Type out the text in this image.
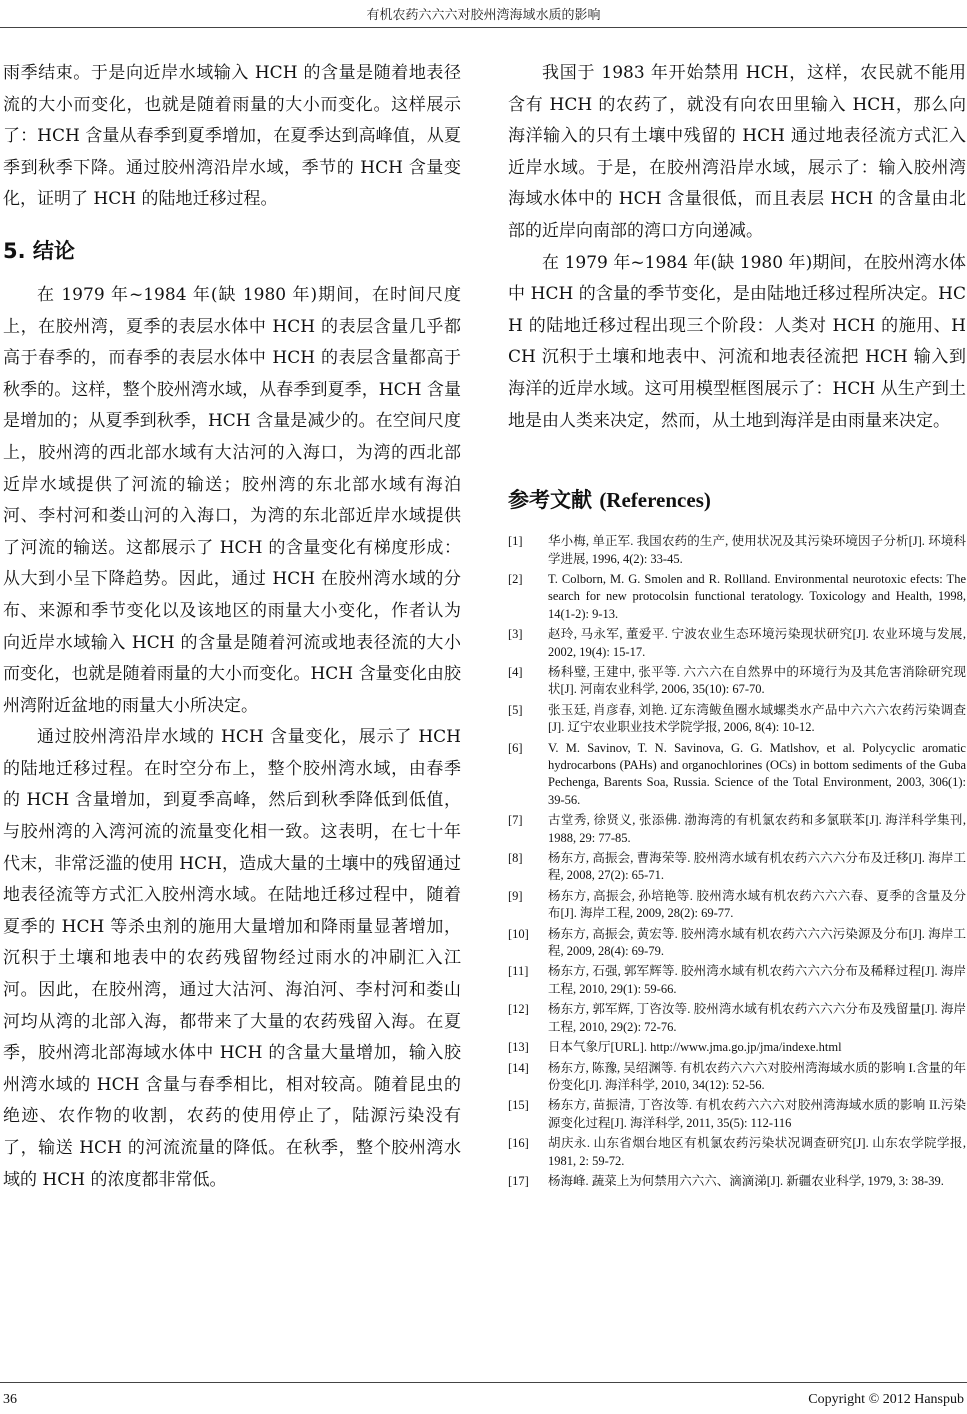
有机农药六六六对胶州湾海域水质的影响

雨季结束。于是向近岸水域输入 HCH 的含量是随着地表径流的大小而变化，也就是随着雨量的大小而变化。这样展示了：HCH 含量从春季到夏季增加，在夏季达到高峰值，从夏季到秋季下降。通过胶州湾沿岸水域，季节的 HCH 含量变化，证明了 HCH 的陆地迁移过程。

5. 结论

在 1979 年~1984 年(缺 1980 年)期间，在时间尺度上，在胶州湾，夏季的表层水体中 HCH 的表层含量几乎都高于春季的，而春季的表层水体中 HCH 的表层含量都高于秋季的。这样，整个胶州湾水域，从春季到夏季，HCH 含量是增加的；从夏季到秋季，HCH 含量是减少的。在空间尺度上，胶州湾的西北部水域有大沽河的入海口，为湾的西北部近岸水域提供了河流的输送；胶州湾的东北部水域有海泊河、李村河和娄山河的入海口，为湾的东北部近岸水域提供了河流的输送。这都展示了 HCH 的含量变化有梯度形成：从大到小呈下降趋势。因此，通过 HCH 在胶州湾水域的分布、来源和季节变化以及该地区的雨量大小变化，作者认为向近岸水域输入 HCH 的含量是随着河流或地表径流的大小而变化，也就是随着雨量的大小而变化。HCH 含量变化由胶州湾附近盆地的雨量大小所决定。

通过胶州湾沿岸水域的 HCH 含量变化，展示了 HCH 的陆地迁移过程。在时空分布上，整个胶州湾水域，由春季的 HCH 含量增加，到夏季高峰，然后到秋季降低到低值，与胶州湾的入湾河流的流量变化相一致。这表明，在七十年代末，非常泛滥的使用 HCH，造成大量的土壤中的残留通过地表径流等方式汇入胶州湾水域。在陆地迁移过程中，随着夏季的 HCH 等杀虫剂的施用大量增加和降雨量显著增加，沉积于土壤和地表中的农药残留物经过雨水的冲刷汇入江河。因此，在胶州湾，通过大沽河、海泊河、李村河和娄山河均从湾的北部入海，都带来了大量的农药残留入海。在夏季，胶州湾北部海域水体中 HCH 的含量大量增加，输入胶州湾水域的 HCH 含量与春季相比，相对较高。随着昆虫的绝迹、农作物的收割，农药的使用停止了，陆源污染没有了，输送 HCH 的河流流量的降低。在秋季，整个胶州湾水域的 HCH 的浓度都非常低。

我国于 1983 年开始禁用 HCH，这样，农民就不能用含有 HCH 的农药了，就没有向农田里输入 HCH，那么向海洋输入的只有土壤中残留的 HCH 通过地表径流方式汇入近岸水域。于是，在胶州湾沿岸水域，展示了：输入胶州湾海域水体中的 HCH 含量很低，而且表层 HCH 的含量由北部的近岸向南部的湾口方向递减。

在 1979 年~1984 年(缺 1980 年)期间，在胶州湾水体中 HCH 的含量的季节变化，是由陆地迁移过程所决定。HCH 的陆地迁移过程出现三个阶段：人类对 HCH 的施用、HCH 沉积于土壤和地表中、河流和地表径流把 HCH 输入到海洋的近岸水域。这可用模型框图展示了：HCH 从生产到土地是由人类来决定，然而，从土地到海洋是由雨量来决定。

参考文献 (References)
[1]	华小梅, 单正军. 我国农药的生产, 使用状况及其污染环境因子分析[J]. 环境科学进展, 1996, 4(2): 33-45.
[2]	T. Colborn, M. G. Smolen and R. Rollland. Environmental neurotoxic efects: The search for new protocolsin functional teratology. Toxicology and Health, 1998, 14(1-2): 9-13.
[3]	赵玲, 马永军, 董爱平. 宁波农业生态环境污染现状研究[J]. 农业环境与发展, 2002, 19(4): 15-17.
[4]	杨科璧, 王建中, 张平等. 六六六在自然界中的环境行为及其危害消除研究现状[J]. 河南农业科学, 2006, 35(10): 67-70.
[5]	张玉廷, 肖彦春, 刘艳. 辽东湾鲅鱼圈水域螺类水产品中六六六农药污染调查[J]. 辽宁农业职业技术学院学报, 2006, 8(4): 10-12.
[6]	V. M. Savinov, T. N. Savinova, G. G. Matlshov, et al. Polycyclic aromatic hydrocarbons (PAHs) and organochlorines (OCs) in bottom sediments of the Guba Pechenga, Barents Soa, Russia. Science of the Total Environment, 2003, 306(1): 39-56.
[7]	古堂秀, 徐贤义, 张添佛. 渤海湾的有机氯农药和多氯联苯[J]. 海洋科学集刊, 1988, 29: 77-85.
[8]	杨东方, 高振会, 曹海荣等. 胶州湾水域有机农药六六六分布及迁移[J]. 海岸工程, 2008, 27(2): 65-71.
[9]	杨东方, 高振会, 孙培艳等. 胶州湾水域有机农药六六六春、夏季的含量及分布[J]. 海岸工程, 2009, 28(2): 69-77.
[10]	杨东方, 高振会, 黄宏等. 胶州湾水域有机农药六六六污染源及分布[J]. 海岸工程, 2009, 28(4): 69-79.
[11]	杨东方, 石强, 郭军辉等. 胶州湾水域有机农药六六六分布及稀释过程[J]. 海岸工程, 2010, 29(1): 59-66.
[12]	杨东方, 郭军辉, 丁咨汝等. 胶州湾水域有机农药六六六分布及残留量[J]. 海岸工程, 2010, 29(2): 72-76.
[13]	日本气象厅[URL]. http://www.jma.go.jp/jma/indexe.html
[14]	杨东方, 陈豫, 吴绍渊等. 有机农药六六六对胶州湾海域水质的影响 I.含量的年份变化[J]. 海洋科学, 2010, 34(12): 52-56.
[15]	杨东方, 苗振清, 丁咨汝等. 有机农药六六六对胶州湾海域水质的影响 II.污染源变化过程[J]. 海洋科学, 2011, 35(5): 112-116
[16]	胡庆永. 山东省烟台地区有机氯农药污染状况调查研究[J]. 山东农学院学报, 1981, 2: 59-72.
[17]	杨海峰. 蔬菜上为何禁用六六六、滴滴涕[J]. 新疆农业科学, 1979, 3: 38-39.
36	Copyright © 2012 Hanspub
